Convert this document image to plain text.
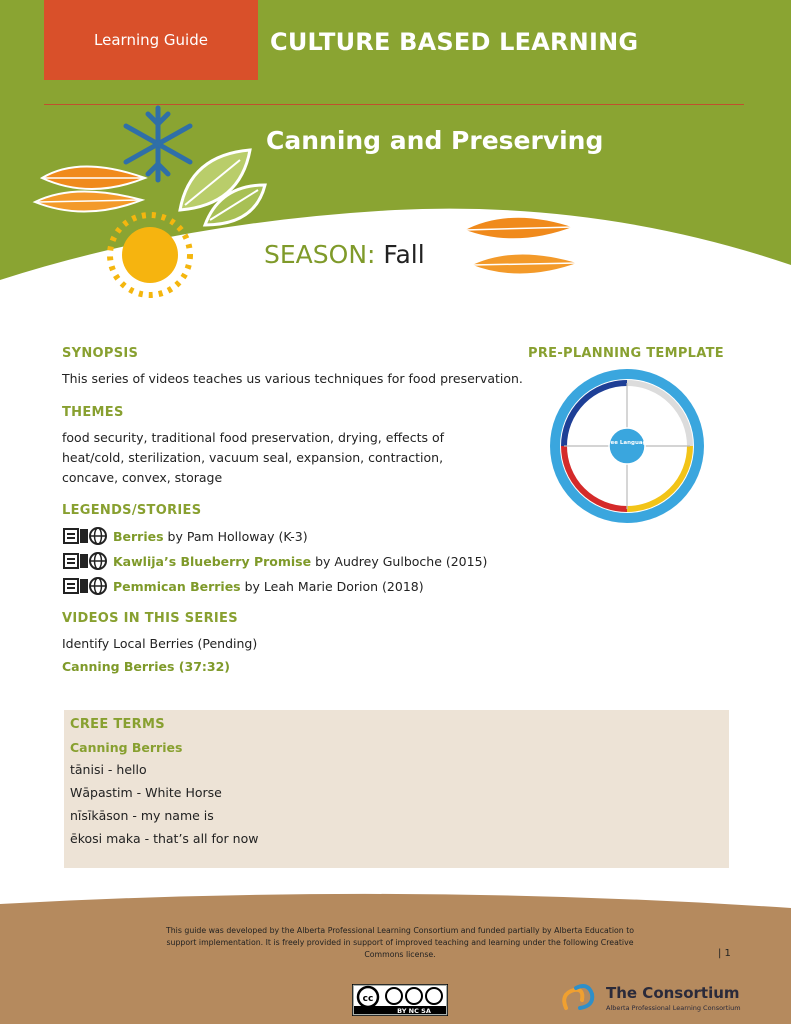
Learning Guide	CULTURE BASED LEARNING
Canning and Preserving
SEASON: Fall
SYNOPSIS
This series of videos teaches us various techniques for food preservation.
THEMES
food security, traditional food preservation, drying, effects of heat/cold, sterilization, vacuum seal, expansion, contraction, concave, convex, storage
LEGENDS/STORIES
Berries by Pam Holloway (K-3)
Kawlija’s Blueberry Promise by Audrey Gulboche (2015)
Pemmican Berries by Leah Marie Dorion (2018)
VIDEOS IN THIS SERIES
Identify Local Berries (Pending)
Canning Berries (37:32)
PRE-PLANNING TEMPLATE
Cree Language
CREE TERMS
Canning Berries
tānisi - hello
Wāpastim - White Horse
nīsīkāson - my name is
ēkosi maka - that’s all for now
This guide was developed by the Alberta Professional Learning Consortium and funded partially by Alberta Education to support implementation. It is freely provided in support of improved teaching and learning under the following Creative Commons license.	| 1
cc
BY NC SA
The Consortium
Alberta Professional Learning Consortium
